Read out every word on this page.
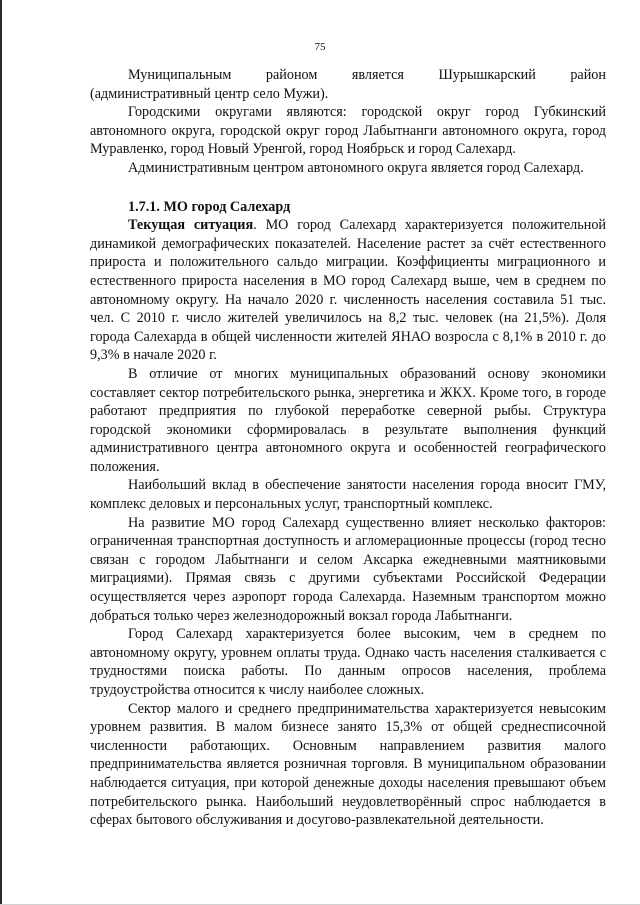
75

Муниципальным районом является Шурышкарский район (административный центр село Мужи).

Городскими округами являются: городской округ город Губкинский автономного округа, городской округ город Лабытнанги автономного округа, город Муравленко, город Новый Уренгой, город Ноябрьск и город Салехард.

Административным центром автономного округа является город Салехард.

1.7.1. МО город Салехард

Текущая ситуация. МО город Салехард характеризуется положительной динамикой демографических показателей. Население растет за счёт естественного прироста и положительного сальдо миграции. Коэффициенты миграционного и естественного прироста населения в МО город Салехард выше, чем в среднем по автономному округу. На начало 2020 г. численность населения составила 51 тыс. чел. С 2010 г. число жителей увеличилось на 8,2 тыс. человек (на 21,5%). Доля города Салехарда в общей численности жителей ЯНАО возросла с 8,1% в 2010 г. до 9,3% в начале 2020 г.

В отличие от многих муниципальных образований основу экономики составляет сектор потребительского рынка, энергетика и ЖКХ. Кроме того, в городе работают предприятия по глубокой переработке северной рыбы. Структура городской экономики сформировалась в результате выполнения функций административного центра автономного округа и особенностей географического положения.

Наибольший вклад в обеспечение занятости населения города вносит ГМУ, комплекс деловых и персональных услуг, транспортный комплекс.

На развитие МО город Салехард существенно влияет несколько факторов: ограниченная транспортная доступность и агломерационные процессы (город тесно связан с городом Лабытнанги и селом Аксарка ежедневными маятниковыми миграциями). Прямая связь с другими субъектами Российской Федерации осуществляется через аэропорт города Салехарда. Наземным транспортом можно добраться только через железнодорожный вокзал города Лабытнанги.

Город Салехард характеризуется более высоким, чем в среднем по автономному округу, уровнем оплаты труда. Однако часть населения сталкивается с трудностями поиска работы. По данным опросов населения, проблема трудоустройства относится к числу наиболее сложных.

Сектор малого и среднего предпринимательства характеризуется невысоким уровнем развития. В малом бизнесе занято 15,3% от общей среднесписочной численности работающих. Основным направлением развития малого предпринимательства является розничная торговля. В муниципальном образовании наблюдается ситуация, при которой денежные доходы населения превышают объем потребительского рынка. Наибольший неудовлетворённый спрос наблюдается в сферах бытового обслуживания и досугово-развлекательной деятельности.
